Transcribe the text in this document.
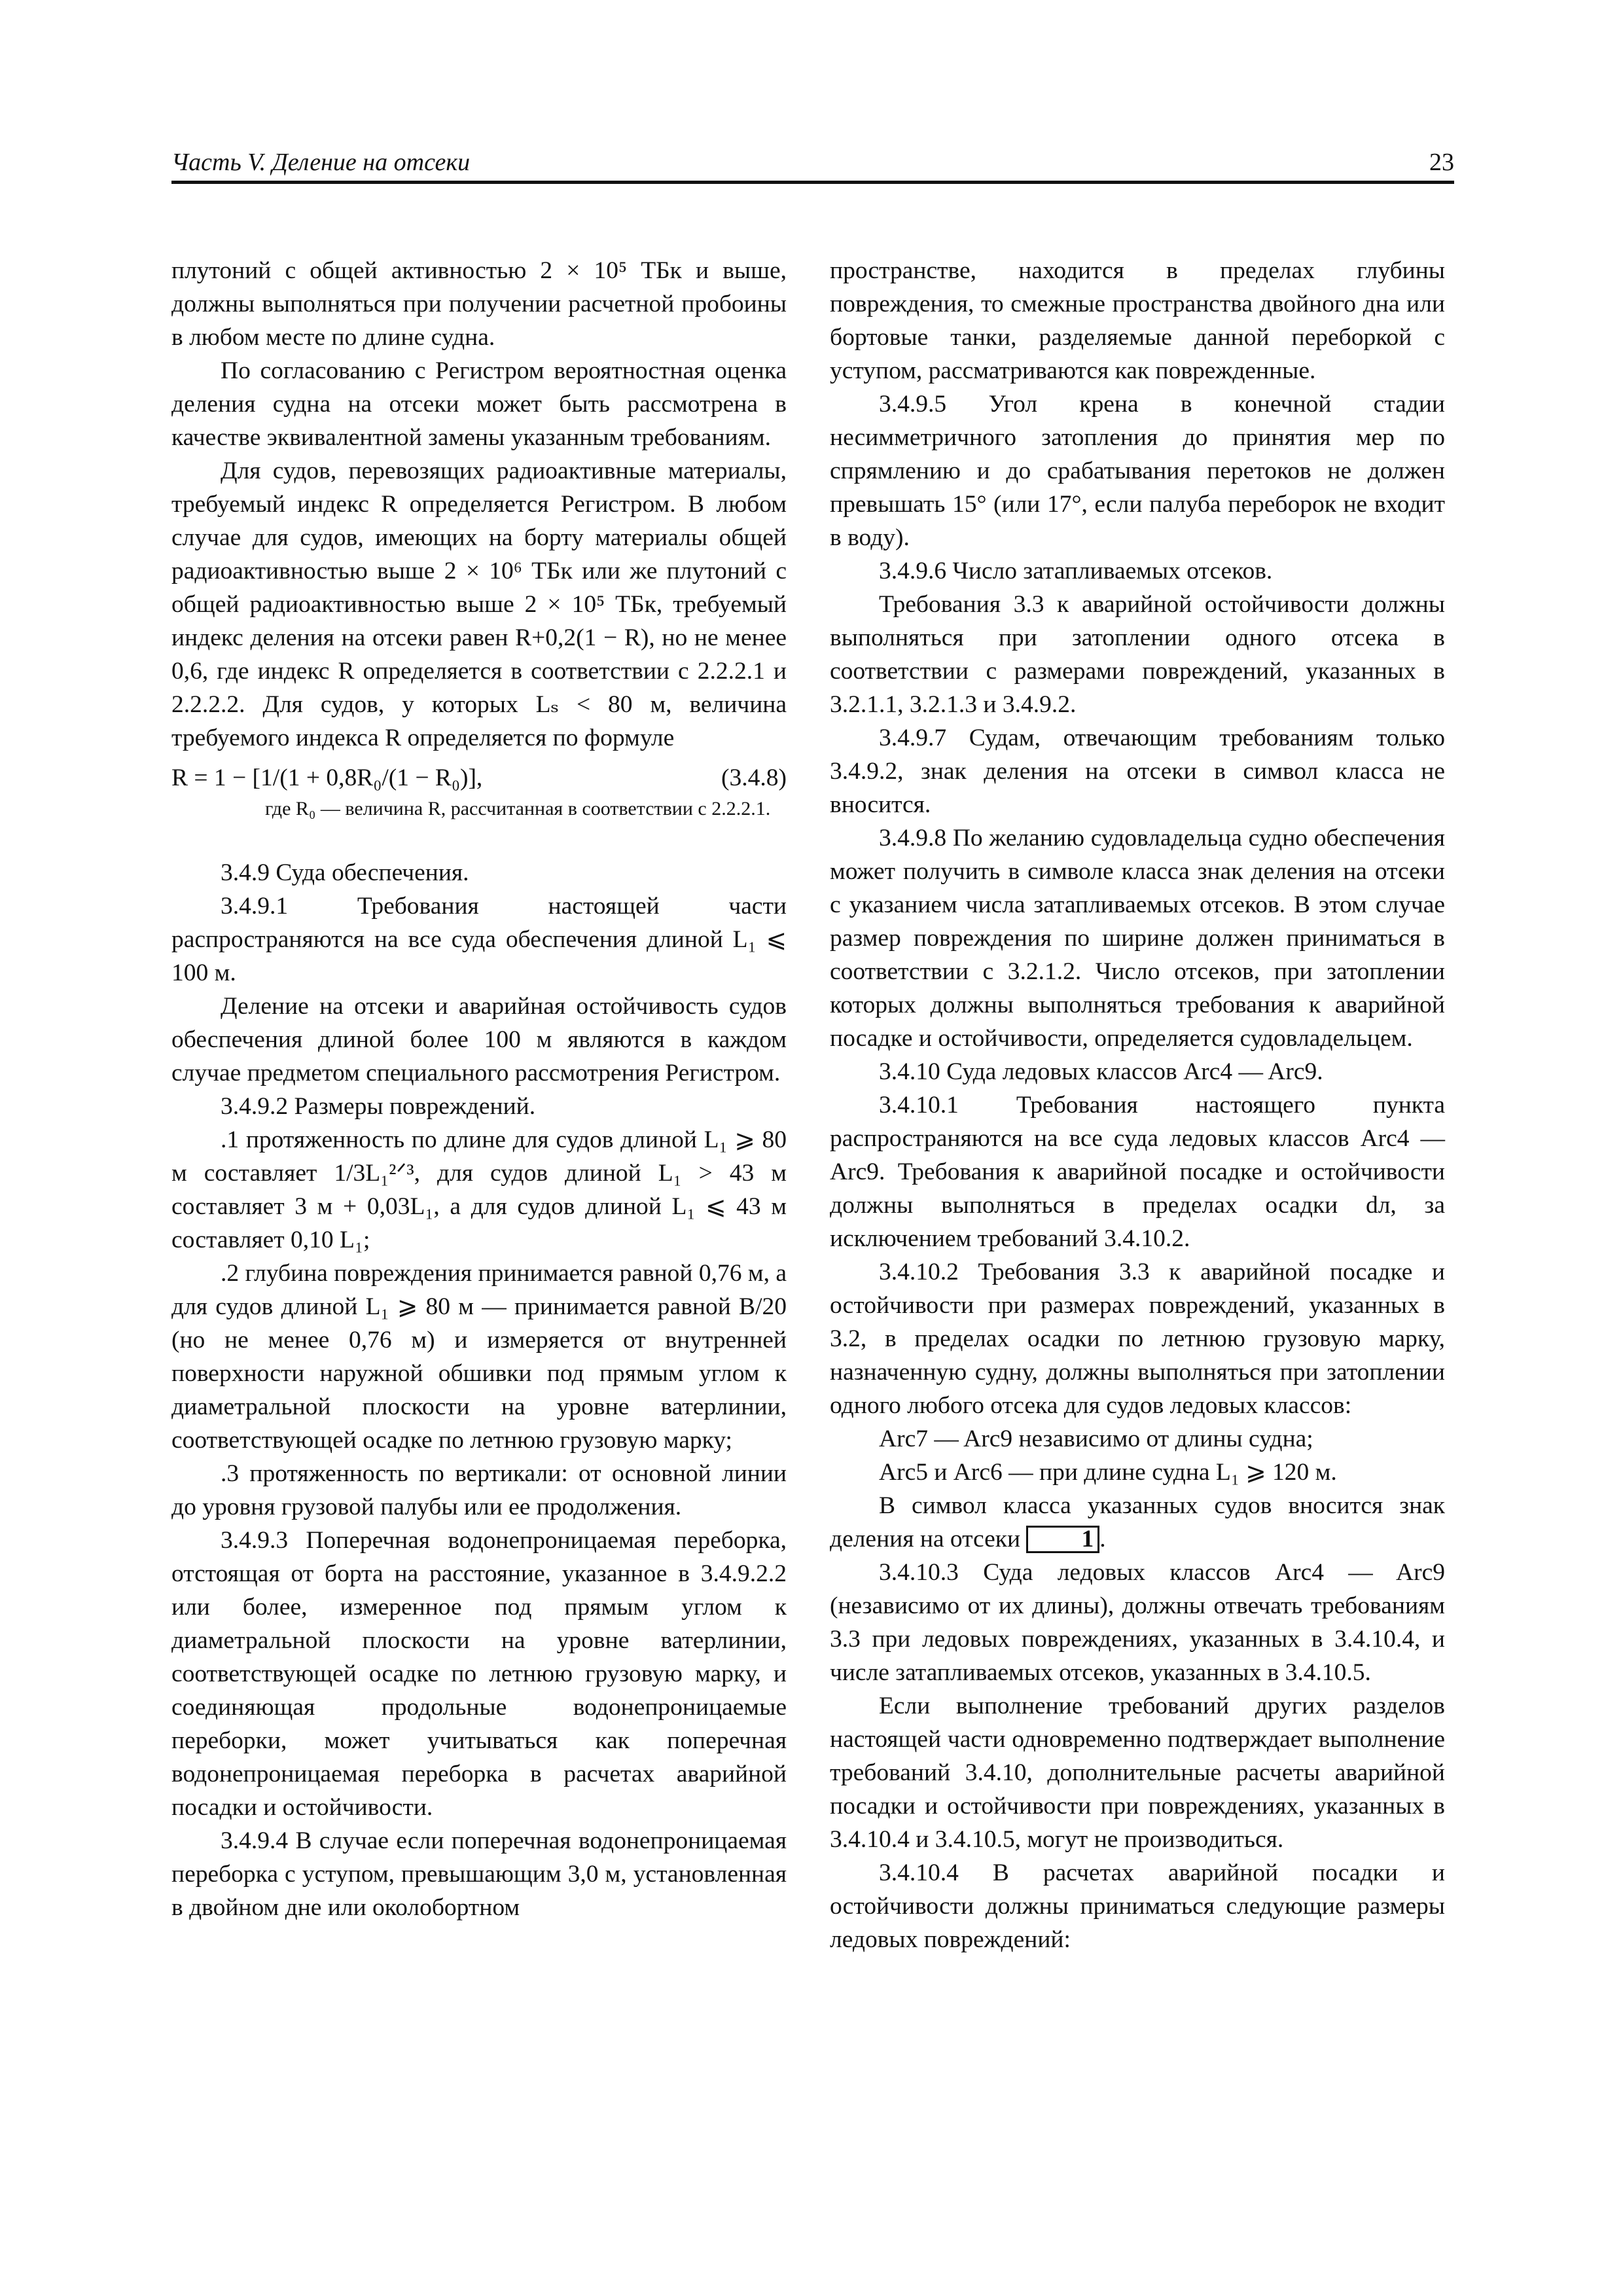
Часть V. Деление на отсеки	23

плутоний с общей активностью 2 × 10⁵ ТБк и выше, должны выполняться при получении расчетной пробоины в любом месте по длине судна.

По согласованию с Регистром вероятностная оценка деления судна на отсеки может быть рассмотрена в качестве эквивалентной замены указанным требованиям.

Для судов, перевозящих радиоактивные материалы, требуемый индекс R определяется Регистром. В любом случае для судов, имеющих на борту материалы общей радиоактивностью выше 2 × 10⁶ ТБк или же плутоний с общей радиоактивностью выше 2 × 10⁵ ТБк, требуемый индекс деления на отсеки равен R+0,2(1 − R), но не менее 0,6, где индекс R определяется в соответствии с 2.2.2.1 и 2.2.2.2. Для судов, у которых Lₛ < 80 м, величина требуемого индекса R определяется по формуле

R = 1 − [1/(1 + 0,8R₀/(1 − R₀)],	(3.4.8)

где R₀ — величина R, рассчитанная в соответствии с 2.2.2.1.

3.4.9 Суда обеспечения.

3.4.9.1 Требования настоящей части распространяются на все суда обеспечения длиной L₁ ⩽ 100 м.

Деление на отсеки и аварийная остойчивость судов обеспечения длиной более 100 м являются в каждом случае предметом специального рассмотрения Регистром.

3.4.9.2 Размеры повреждений.

.1 протяженность по длине для судов длиной L₁ ⩾ 80 м составляет 1/3L₁²ᐟ³, для судов длиной L₁ > 43 м составляет 3 м + 0,03L₁, а для судов длиной L₁ ⩽ 43 м составляет 0,10 L₁;

.2 глубина повреждения принимается равной 0,76 м, а для судов длиной L₁ ⩾ 80 м — принимается равной B/20 (но не менее 0,76 м) и измеряется от внутренней поверхности наружной обшивки под прямым углом к диаметральной плоскости на уровне ватерлинии, соответствующей осадке по летнюю грузовую марку;

.3 протяженность по вертикали: от основной линии до уровня грузовой палубы или ее продолжения.

3.4.9.3 Поперечная водонепроницаемая переборка, отстоящая от борта на расстояние, указанное в 3.4.9.2.2 или более, измеренное под прямым углом к диаметральной плоскости на уровне ватерлинии, соответствующей осадке по летнюю грузовую марку, и соединяющая продольные водонепроницаемые переборки, может учитываться как поперечная водонепроницаемая переборка в расчетах аварийной посадки и остойчивости.

3.4.9.4 В случае если поперечная водонепроницаемая переборка с уступом, превышающим 3,0 м, установленная в двойном дне или околобортном

пространстве, находится в пределах глубины повреждения, то смежные пространства двойного дна или бортовые танки, разделяемые данной переборкой с уступом, рассматриваются как поврежденные.

3.4.9.5 Угол крена в конечной стадии несимметричного затопления до принятия мер по спрямлению и до срабатывания перетоков не должен превышать 15° (или 17°, если палуба переборок не входит в воду).

3.4.9.6 Число затапливаемых отсеков.

Требования 3.3 к аварийной остойчивости должны выполняться при затоплении одного отсека в соответствии с размерами повреждений, указанных в 3.2.1.1, 3.2.1.3 и 3.4.9.2.

3.4.9.7 Судам, отвечающим требованиям только 3.4.9.2, знак деления на отсеки в символ класса не вносится.

3.4.9.8 По желанию судовладельца судно обеспечения может получить в символе класса знак деления на отсеки с указанием числа затапливаемых отсеков. В этом случае размер повреждения по ширине должен приниматься в соответствии с 3.2.1.2. Число отсеков, при затоплении которых должны выполняться требования к аварийной посадке и остойчивости, определяется судовладельцем.

3.4.10 Суда ледовых классов Arc4 — Arc9.

3.4.10.1 Требования настоящего пункта распространяются на все суда ледовых классов Arc4 — Arc9. Требования к аварийной посадке и остойчивости должны выполняться в пределах осадки dл, за исключением требований 3.4.10.2.

3.4.10.2 Требования 3.3 к аварийной посадке и остойчивости при размерах повреждений, указанных в 3.2, в пределах осадки по летнюю грузовую марку, назначенную судну, должны выполняться при затоплении одного любого отсека для судов ледовых классов:

Arc7 — Arc9 независимо от длины судна;

Arc5 и Arc6 — при длине судна L₁ ⩾ 120 м.

В символ класса указанных судов вносится знак деления на отсеки 1 .

3.4.10.3 Суда ледовых классов Arc4 — Arc9 (независимо от их длины), должны отвечать требованиям 3.3 при ледовых повреждениях, указанных в 3.4.10.4, и числе затапливаемых отсеков, указанных в 3.4.10.5.

Если выполнение требований других разделов настоящей части одновременно подтверждает выполнение требований 3.4.10, дополнительные расчеты аварийной посадки и остойчивости при повреждениях, указанных в 3.4.10.4 и 3.4.10.5, могут не производиться.

3.4.10.4 В расчетах аварийной посадки и остойчивости должны приниматься следующие размеры ледовых повреждений:
